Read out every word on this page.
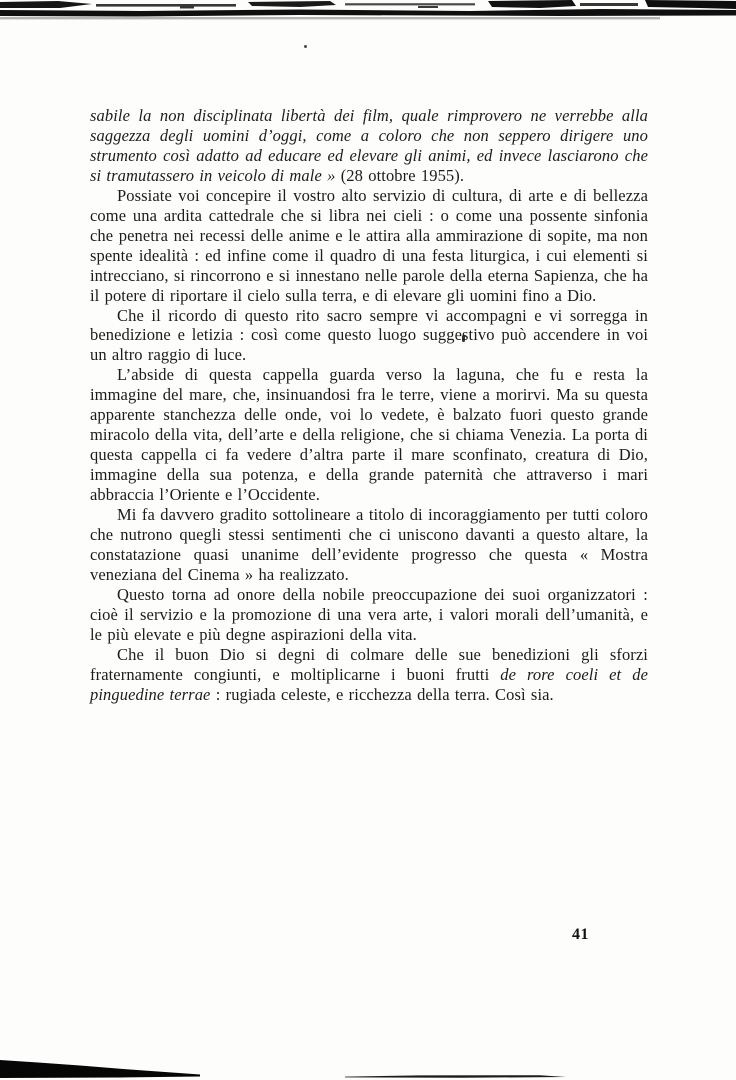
sabile la non disciplinata libertà dei film, quale rimprovero ne verrebbe alla saggezza degli uomini d’oggi, come a coloro che non seppero dirigere uno strumento così adatto ad educare ed elevare gli animi, ed invece lasciarono che si tramutassero in veicolo di male » (28 ottobre 1955).

Possiate voi concepire il vostro alto servizio di cultura, di arte e di bellezza come una ardita cattedrale che si libra nei cieli : o come una possente sinfonia che penetra nei recessi delle anime e le attira alla ammirazione di sopite, ma non spente idealità : ed infine come il quadro di una festa liturgica, i cui elementi si intrecciano, si rincorrono e si innestano nelle parole della eterna Sapienza, che ha il potere di riportare il cielo sulla terra, e di elevare gli uomini fino a Dio.

Che il ricordo di questo rito sacro sempre vi accompagni e vi sorregga in benedizione e letizia : così come questo luogo suggestivo può accendere in voi un altro raggio di luce.

L’abside di questa cappella guarda verso la laguna, che fu e resta la immagine del mare, che, insinuandosi fra le terre, viene a morirvi. Ma su questa apparente stanchezza delle onde, voi lo vedete, è balzato fuori questo grande miracolo della vita, dell’arte e della religione, che si chiama Venezia. La porta di questa cappella ci fa vedere d’altra parte il mare sconfinato, creatura di Dio, immagine della sua potenza, e della grande paternità che attraverso i mari abbraccia l’Oriente e l’Occidente.

Mi fa davvero gradito sottolineare a titolo di incoraggiamento per tutti coloro che nutrono quegli stessi sentimenti che ci uniscono davanti a questo altare, la constatazione quasi unanime dell’evidente progresso che questa « Mostra veneziana del Cinema » ha realizzato.

Questo torna ad onore della nobile preoccupazione dei suoi organizzatori : cioè il servizio e la promozione di una vera arte, i valori morali dell’umanità, e le più elevate e più degne aspirazioni della vita.

Che il buon Dio si degni di colmare delle sue benedizioni gli sforzi fraternamente congiunti, e moltiplicarne i buoni frutti de rore coeli et de pinguedine terrae : rugiada celeste, e ricchezza della terra. Così sia.

41
